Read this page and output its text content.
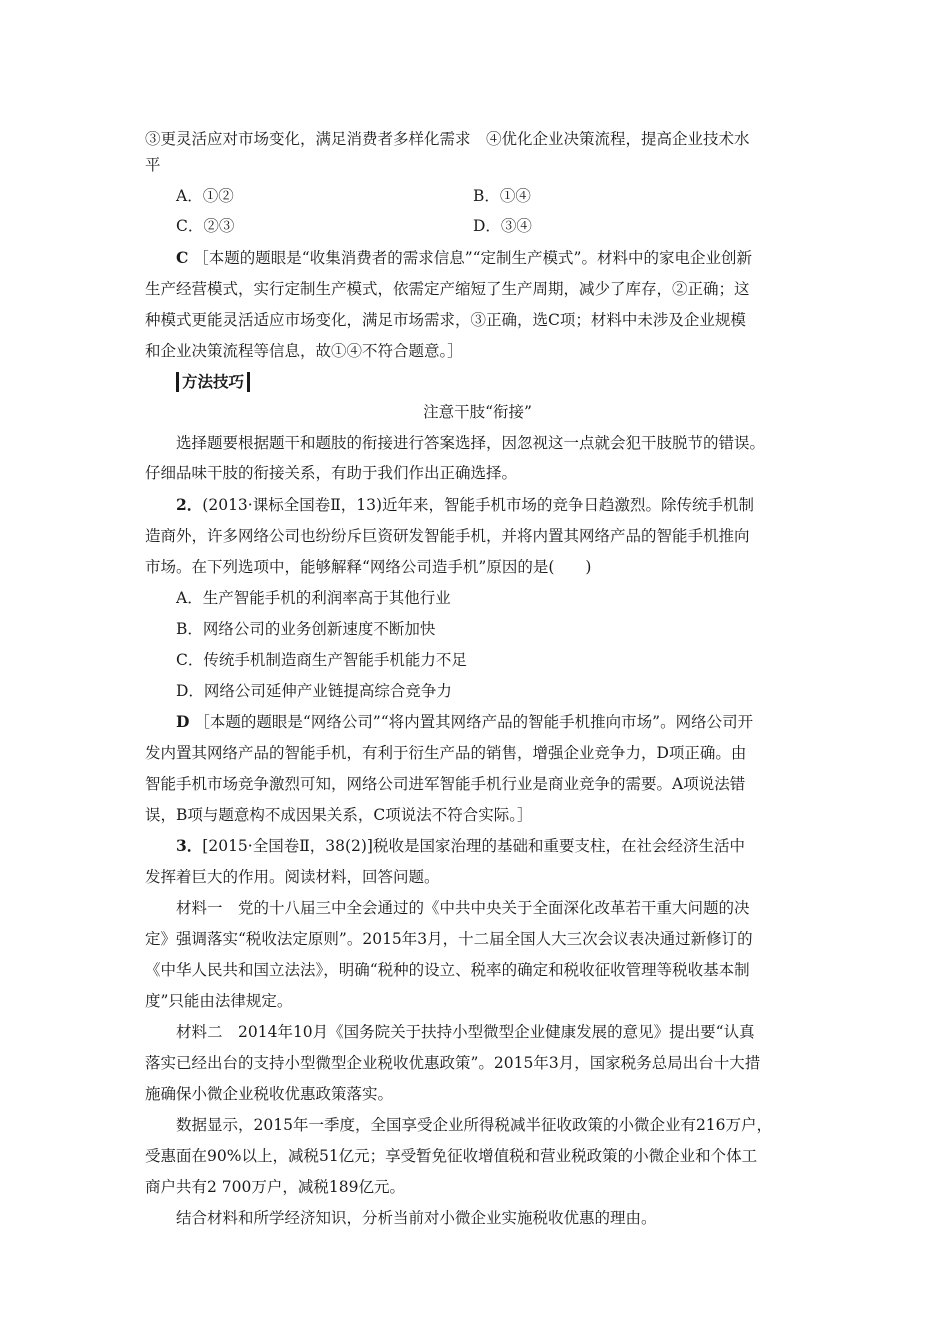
③更灵活应对市场变化，满足消费者多样化需求　④优化企业决策流程，提高企业技术水
平
A．①②	B．①④
C．②③	D．③④
C ［本题的题眼是“收集消费者的需求信息”“定制生产模式”。材料中的家电企业创新
生产经营模式，实行定制生产模式，依需定产缩短了生产周期，减少了库存，②正确；这
种模式更能灵活适应市场变化，满足市场需求，③正确，选C项；材料中未涉及企业规模
和企业决策流程等信息，故①④不符合题意。］
方法技巧
注意干肢“衔接”
选择题要根据题干和题肢的衔接进行答案选择，因忽视这一点就会犯干肢脱节的错误。
仔细品味干肢的衔接关系，有助于我们作出正确选择。
2．(2013·课标全国卷Ⅱ，13)近年来，智能手机市场的竞争日趋激烈。除传统手机制
造商外，许多网络公司也纷纷斥巨资研发智能手机，并将内置其网络产品的智能手机推向
市场。在下列选项中，能够解释“网络公司造手机”原因的是(　　)
A．生产智能手机的利润率高于其他行业
B．网络公司的业务创新速度不断加快
C．传统手机制造商生产智能手机能力不足
D．网络公司延伸产业链提高综合竞争力
D ［本题的题眼是“网络公司”“将内置其网络产品的智能手机推向市场”。网络公司开
发内置其网络产品的智能手机，有利于衍生产品的销售，增强企业竞争力，D项正确。由
智能手机市场竞争激烈可知，网络公司进军智能手机行业是商业竞争的需要。A项说法错
误，B项与题意构不成因果关系，C项说法不符合实际。］
3．[2015·全国卷Ⅱ，38(2)]税收是国家治理的基础和重要支柱，在社会经济生活中
发挥着巨大的作用。阅读材料，回答问题。
材料一　党的十八届三中全会通过的《中共中央关于全面深化改革若干重大问题的决
定》强调落实“税收法定原则”。2015年3月，十二届全国人大三次会议表决通过新修订的
《中华人民共和国立法法》，明确“税种的设立、税率的确定和税收征收管理等税收基本制
度”只能由法律规定。
材料二　2014年10月《国务院关于扶持小型微型企业健康发展的意见》提出要“认真
落实已经出台的支持小型微型企业税收优惠政策”。2015年3月，国家税务总局出台十大措
施确保小微企业税收优惠政策落实。
数据显示，2015年一季度，全国享受企业所得税减半征收政策的小微企业有216万户，
受惠面在90%以上，减税51亿元；享受暂免征收增值税和营业税政策的小微企业和个体工
商户共有2 700万户，减税189亿元。
结合材料和所学经济知识，分析当前对小微企业实施税收优惠的理由。
